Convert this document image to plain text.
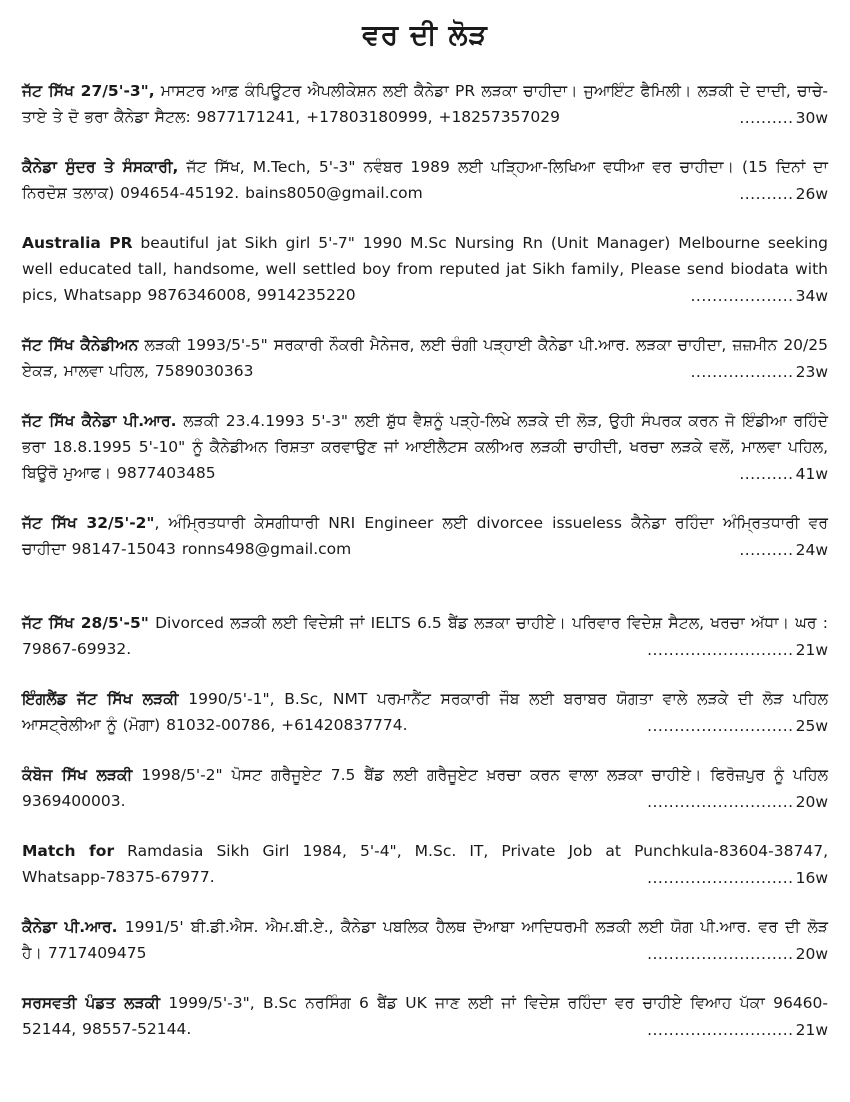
ਵਰ ਦੀ ਲੋੜ
ਜੱਟ ਸਿੱਖ 27/5'-3", ਮਾਸਟਰ ਆਫ਼ ਕੰਪਿਊਟਰ ਐਪਲੀਕੇਸ਼ਨ ਲਈ ਕੈਨੇਡਾ PR ਲੜਕਾ ਚਾਹੀਦਾ। ਜੁਆਇੰਟ ਫੈਮਿਲੀ। ਲੜਕੀ ਦੇ ਦਾਦੀ, ਚਾਚੇ-ਤਾਏ ਤੇ ਦੋ ਭਰਾ ਕੈਨੇਡਾ ਸੈਟਲ: 9877171241, +17803180999, +18257357029	.......... 30w
ਕੈਨੇਡਾ ਸੁੰਦਰ ਤੇ ਸੰਸਕਾਰੀ, ਜੱਟ ਸਿੱਖ, M.Tech, 5'-3" ਨਵੰਬਰ 1989 ਲਈ ਪੜ੍ਹਿਆ-ਲਿਖਿਆ ਵਧੀਆ ਵਰ ਚਾਹੀਦਾ। (15 ਦਿਨਾਂ ਦਾ ਨਿਰਦੋਸ਼ ਤਲਾਕ) 094654-45192. bains8050@gmail.com	.......... 26w
Australia PR beautiful jat Sikh girl 5'-7" 1990 M.Sc Nursing Rn (Unit Manager) Melbourne seeking well educated tall, handsome, well settled boy from reputed jat Sikh family, Please send biodata with pics, Whatsapp 9876346008, 9914235220	................... 34w
ਜੱਟ ਸਿੱਖ ਕੈਨੇਡੀਅਨ ਲੜਕੀ 1993/5'-5" ਸਰਕਾਰੀ ਨੌਕਰੀ ਮੈਨੇਜਰ, ਲਈ ਚੰਗੀ ਪੜ੍ਹਾਈ ਕੈਨੇਡਾ ਪੀ.ਆਰ. ਲੜਕਾ ਚਾਹੀਦਾ, ਜ਼ਜ਼ਮੀਨ 20/25 ਏਕੜ, ਮਾਲਵਾ ਪਹਿਲ, 7589030363	................... 23w
ਜੱਟ ਸਿੱਖ ਕੈਨੇਡਾ ਪੀ.ਆਰ. ਲੜਕੀ 23.4.1993 5'-3" ਲਈ ਸ਼ੁੱਧ ਵੈਸ਼ਨੂੰ ਪੜ੍ਹੇ-ਲਿਖੇ ਲੜਕੇ ਦੀ ਲੋੜ, ਉਹੀ ਸੰਪਰਕ ਕਰਨ ਜੋ ਇੰਡੀਆ ਰਹਿੰਦੇ ਭਰਾ 18.8.1995 5'-10" ਨੂੰ ਕੈਨੇਡੀਅਨ ਰਿਸ਼ਤਾ ਕਰਵਾਉਣ ਜਾਂ ਆਈਲੈਟਸ ਕਲੀਅਰ ਲੜਕੀ ਚਾਹੀਦੀ, ਖਰਚਾ ਲੜਕੇ ਵਲੋਂ, ਮਾਲਵਾ ਪਹਿਲ, ਬਿਊਰੋ ਮੁਆਫ। 9877403485	.......... 41w
ਜੱਟ ਸਿੱਖ 32/5'-2", ਅੰਮ੍ਰਿਤਧਾਰੀ ਕੇਸਗੀਧਾਰੀ NRI Engineer ਲਈ divorcee issueless ਕੈਨੇਡਾ ਰਹਿੰਦਾ ਅੰਮ੍ਰਿਤਧਾਰੀ ਵਰ ਚਾਹੀਦਾ 98147-15043 ronns498@gmail.com	.......... 24w
ਜੱਟ ਸਿੱਖ 28/5'-5" Divorced ਲੜਕੀ ਲਈ ਵਿਦੇਸ਼ੀ ਜਾਂ IELTS 6.5 ਬੈਂਡ ਲੜਕਾ ਚਾਹੀਏ। ਪਰਿਵਾਰ ਵਿਦੇਸ਼ ਸੈਟਲ, ਖਰਚਾ ਅੱਧਾ। ਘਰ : 79867-69932.	........................... 21w
ਇੰਗਲੈਂਡ ਜੱਟ ਸਿੱਖ ਲੜਕੀ 1990/5'-1", B.Sc, NMT ਪਰਮਾਨੈਂਟ ਸਰਕਾਰੀ ਜੌਬ ਲਈ ਬਰਾਬਰ ਯੋਗਤਾ ਵਾਲੇ ਲੜਕੇ ਦੀ ਲੋੜ ਪਹਿਲ ਆਸਟ੍ਰੇਲੀਆ ਨੂੰ (ਮੋਗਾ) 81032-00786, +61420837774.	........................... 25w
ਕੰਬੋਜ ਸਿੱਖ ਲੜਕੀ 1998/5'-2" ਪੋਸਟ ਗਰੈਜੂਏਟ 7.5 ਬੈਂਡ ਲਈ ਗਰੈਜੂਏਟ ਖ਼ਰਚਾ ਕਰਨ ਵਾਲਾ ਲੜਕਾ ਚਾਹੀਏ। ਫਿਰੋਜ਼ਪੁਰ ਨੂੰ ਪਹਿਲ 9369400003.	........................... 20w
Match for Ramdasia Sikh Girl 1984, 5'-4", M.Sc. IT, Private Job at Punchkula-83604-38747, Whatsapp-78375-67977.	........................... 16w
ਕੈਨੇਡਾ ਪੀ.ਆਰ. 1991/5' ਬੀ.ਡੀ.ਐਸ. ਐਮ.ਬੀ.ਏ., ਕੈਨੇਡਾ ਪਬਲਿਕ ਹੈਲਥ ਦੋਆਬਾ ਆਦਿਧਰਮੀ ਲੜਕੀ ਲਈ ਯੋਗ ਪੀ.ਆਰ. ਵਰ ਦੀ ਲੋੜ ਹੈ। 7717409475	........................... 20w
ਸਰਸਵਤੀ ਪੰਡਤ ਲੜਕੀ 1999/5'-3", B.Sc ਨਰਸਿੰਗ 6 ਬੈਂਡ UK ਜਾਣ ਲਈ ਜਾਂ ਵਿਦੇਸ਼ ਰਹਿੰਦਾ ਵਰ ਚਾਹੀਏ ਵਿਆਹ ਪੱਕਾ 96460-52144, 98557-52144.	........................... 21w
